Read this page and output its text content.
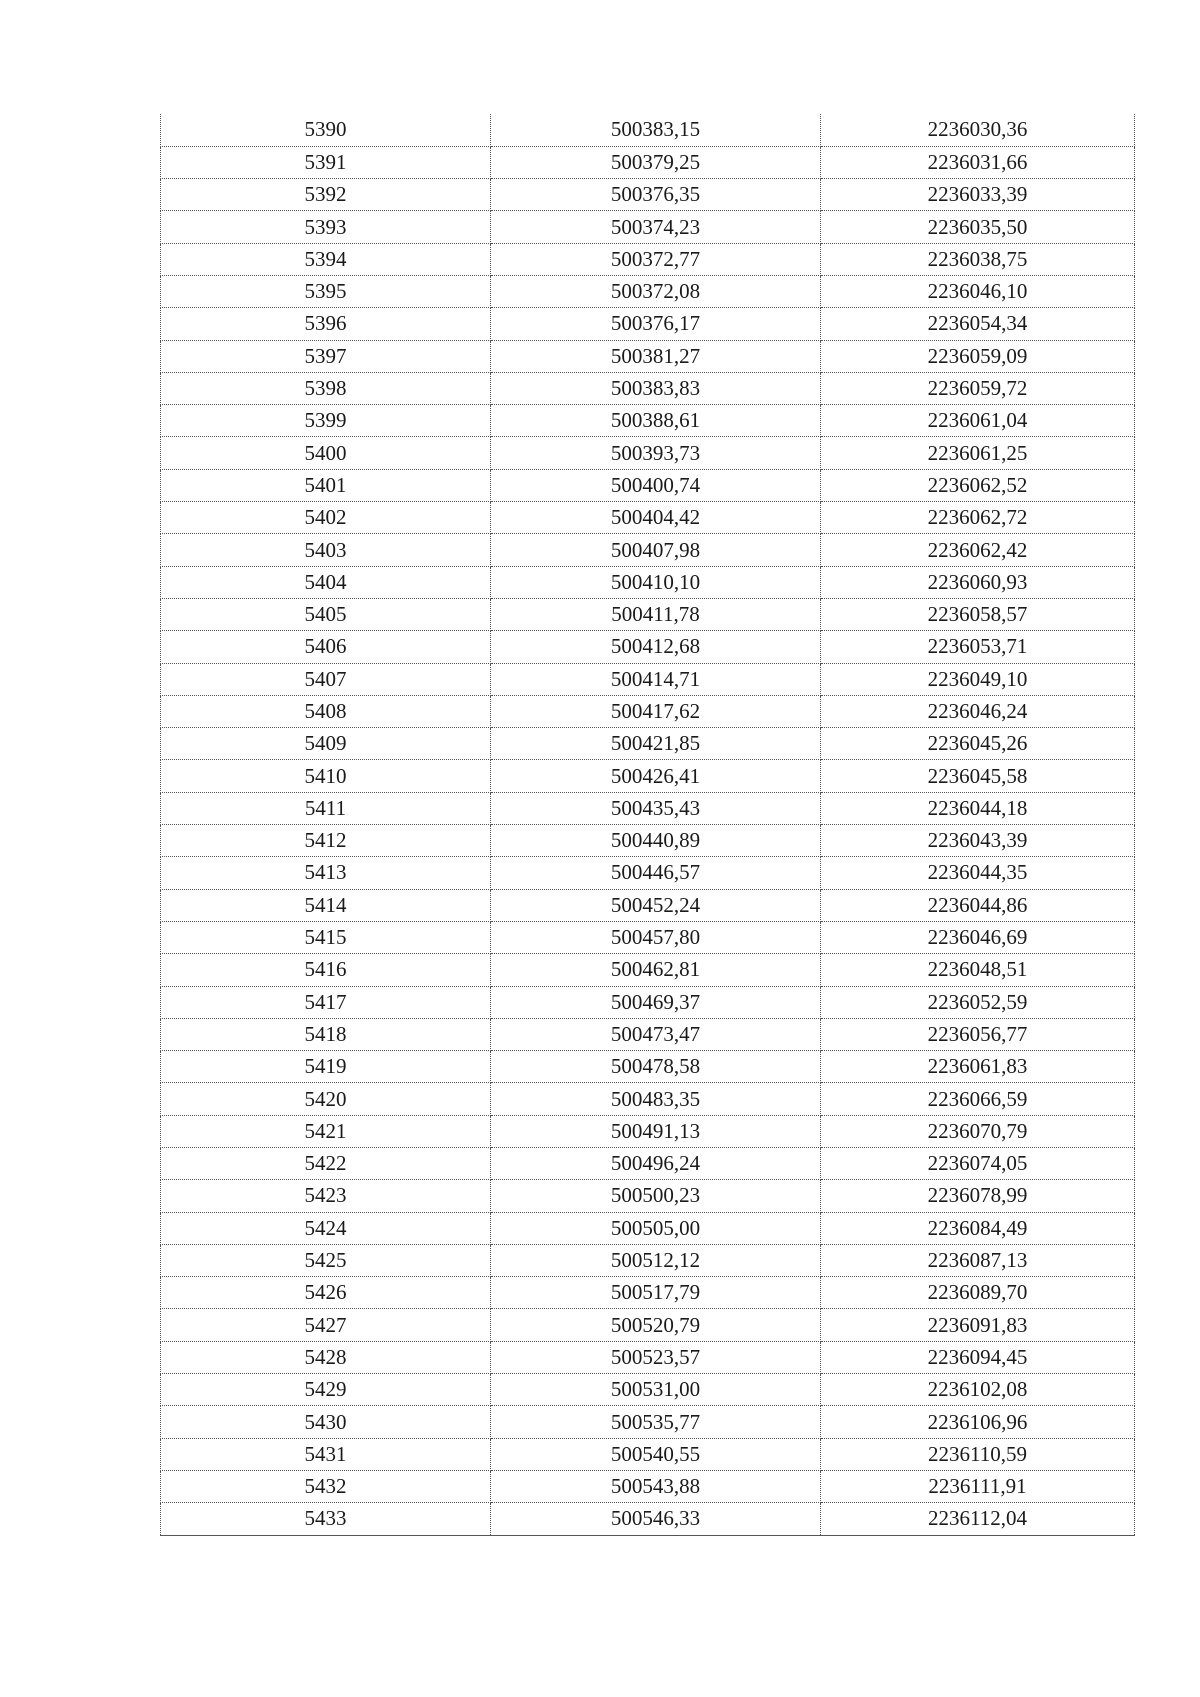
5390	500383,15	2236030,36
5391	500379,25	2236031,66
5392	500376,35	2236033,39
5393	500374,23	2236035,50
5394	500372,77	2236038,75
5395	500372,08	2236046,10
5396	500376,17	2236054,34
5397	500381,27	2236059,09
5398	500383,83	2236059,72
5399	500388,61	2236061,04
5400	500393,73	2236061,25
5401	500400,74	2236062,52
5402	500404,42	2236062,72
5403	500407,98	2236062,42
5404	500410,10	2236060,93
5405	500411,78	2236058,57
5406	500412,68	2236053,71
5407	500414,71	2236049,10
5408	500417,62	2236046,24
5409	500421,85	2236045,26
5410	500426,41	2236045,58
5411	500435,43	2236044,18
5412	500440,89	2236043,39
5413	500446,57	2236044,35
5414	500452,24	2236044,86
5415	500457,80	2236046,69
5416	500462,81	2236048,51
5417	500469,37	2236052,59
5418	500473,47	2236056,77
5419	500478,58	2236061,83
5420	500483,35	2236066,59
5421	500491,13	2236070,79
5422	500496,24	2236074,05
5423	500500,23	2236078,99
5424	500505,00	2236084,49
5425	500512,12	2236087,13
5426	500517,79	2236089,70
5427	500520,79	2236091,83
5428	500523,57	2236094,45
5429	500531,00	2236102,08
5430	500535,77	2236106,96
5431	500540,55	2236110,59
5432	500543,88	2236111,91
5433	500546,33	2236112,04
